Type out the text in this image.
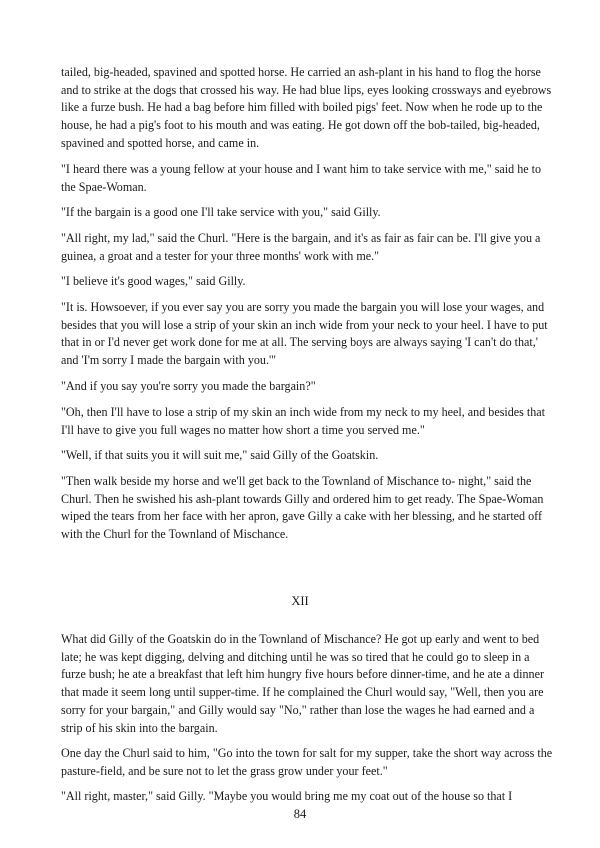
tailed, big-headed, spavined and spotted horse. He carried an ash-plant in his hand to flog the horse and to strike at the dogs that crossed his way. He had blue lips, eyes looking crossways and eyebrows like a furze bush. He had a bag before him filled with boiled pigs' feet. Now when he rode up to the house, he had a pig's foot to his mouth and was eating. He got down off the bob-tailed, big-headed, spavined and spotted horse, and came in.

"I heard there was a young fellow at your house and I want him to take service with me," said he to the Spae-Woman.

"If the bargain is a good one I'll take service with you," said Gilly.

"All right, my lad," said the Churl. "Here is the bargain, and it's as fair as fair can be. I'll give you a guinea, a groat and a tester for your three months' work with me."

"I believe it's good wages," said Gilly.

"It is. Howsoever, if you ever say you are sorry you made the bargain you will lose your wages, and besides that you will lose a strip of your skin an inch wide from your neck to your heel. I have to put that in or I'd never get work done for me at all. The serving boys are always saying 'I can't do that,' and 'I'm sorry I made the bargain with you.'"

"And if you say you're sorry you made the bargain?"

"Oh, then I'll have to lose a strip of my skin an inch wide from my neck to my heel, and besides that I'll have to give you full wages no matter how short a time you served me."

"Well, if that suits you it will suit me," said Gilly of the Goatskin.

"Then walk beside my horse and we'll get back to the Townland of Mischance to- night," said the Churl. Then he swished his ash-plant towards Gilly and ordered him to get ready. The Spae-Woman wiped the tears from her face with her apron, gave Gilly a cake with her blessing, and he started off with the Churl for the Townland of Mischance.

XII

What did Gilly of the Goatskin do in the Townland of Mischance? He got up early and went to bed late; he was kept digging, delving and ditching until he was so tired that he could go to sleep in a furze bush; he ate a breakfast that left him hungry five hours before dinner-time, and he ate a dinner that made it seem long until supper-time. If he complained the Churl would say, "Well, then you are sorry for your bargain," and Gilly would say "No," rather than lose the wages he had earned and a strip of his skin into the bargain.

One day the Churl said to him, "Go into the town for salt for my supper, take the short way across the pasture-field, and be sure not to let the grass grow under your feet."

"All right, master," said Gilly. "Maybe you would bring me my coat out of the house so that I

84
